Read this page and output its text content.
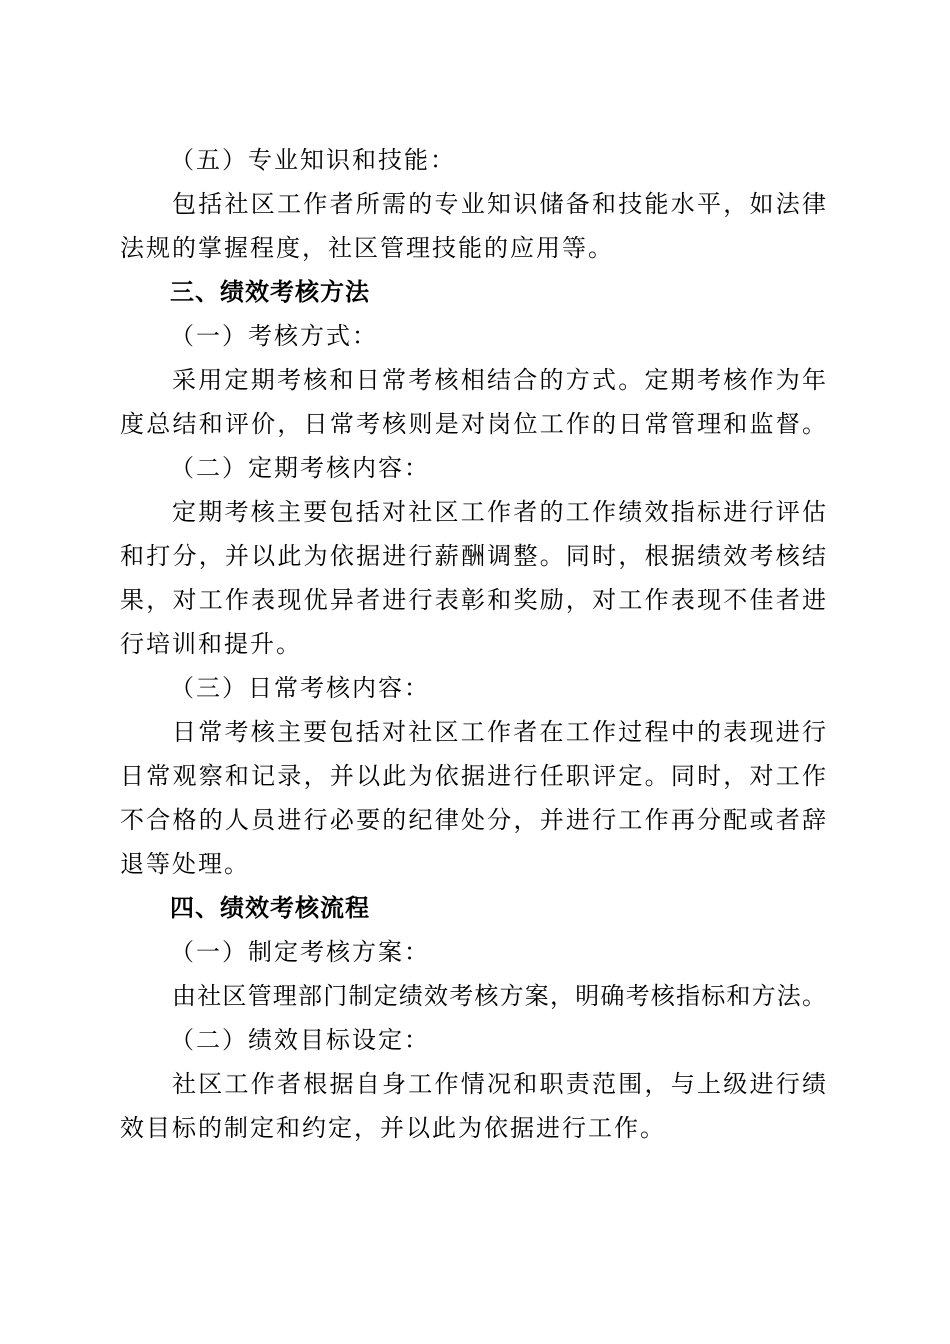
（五）专业知识和技能：
包括社区工作者所需的专业知识储备和技能水平，如法律
法规的掌握程度，社区管理技能的应用等。
三、绩效考核方法
（一）考核方式：
采用定期考核和日常考核相结合的方式。定期考核作为年
度总结和评价，日常考核则是对岗位工作的日常管理和监督。
（二）定期考核内容：
定期考核主要包括对社区工作者的工作绩效指标进行评估
和打分，并以此为依据进行薪酬调整。同时，根据绩效考核结
果，对工作表现优异者进行表彰和奖励，对工作表现不佳者进
行培训和提升。
（三）日常考核内容：
日常考核主要包括对社区工作者在工作过程中的表现进行
日常观察和记录，并以此为依据进行任职评定。同时，对工作
不合格的人员进行必要的纪律处分，并进行工作再分配或者辞
退等处理。
四、绩效考核流程
（一）制定考核方案：
由社区管理部门制定绩效考核方案，明确考核指标和方法。
（二）绩效目标设定：
社区工作者根据自身工作情况和职责范围，与上级进行绩
效目标的制定和约定，并以此为依据进行工作。
